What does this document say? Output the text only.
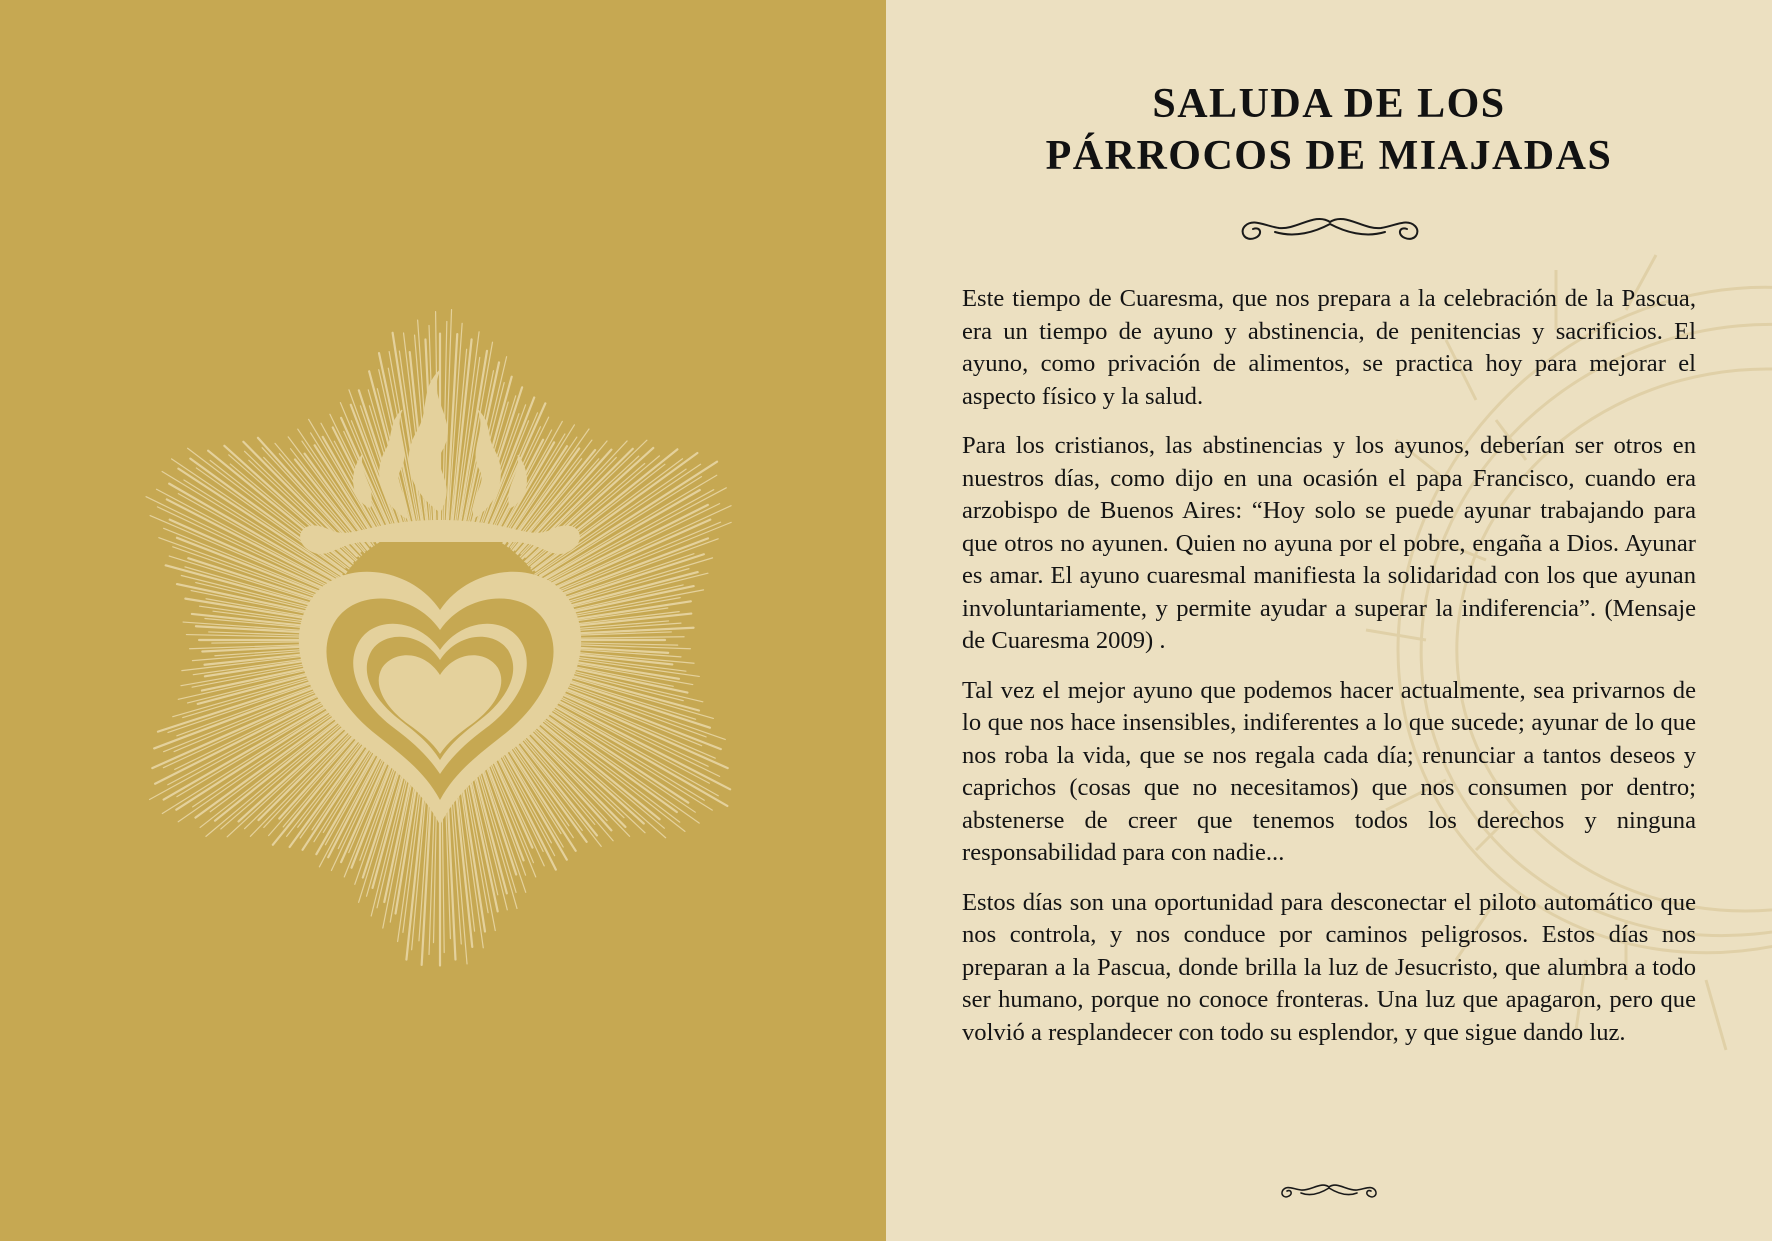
SALUDA DE LOS
PÁRROCOS DE MIAJADAS

Este tiempo de Cuaresma, que nos prepara a la celebración de la Pascua, era un tiempo de ayuno y abstinencia, de penitencias y sacrificios. El ayuno, como privación de alimentos, se practica hoy para mejorar el aspecto físico y la salud.

Para los cristianos, las abstinencias y los ayunos, deberían ser otros en nuestros días, como dijo en una ocasión el papa Francisco, cuando era arzobispo de Buenos Aires: “Hoy solo se puede ayunar trabajando para que otros no ayunen. Quien no ayuna por el pobre, engaña a Dios. Ayunar es amar. El ayuno cuaresmal manifiesta la solidaridad con los que ayunan involuntariamente, y permite ayudar a superar la indiferencia”. (Mensaje de Cuaresma 2009) .

Tal vez el mejor ayuno que podemos hacer actualmente, sea privarnos de lo que nos hace insensibles, indiferentes a lo que sucede; ayunar de lo que nos roba la vida, que se nos regala cada día; renunciar a tantos deseos y caprichos (cosas que no necesitamos) que nos consumen por dentro; abstenerse de creer que tenemos todos los derechos y ninguna responsabilidad para con nadie...

Estos días son una oportunidad para desconectar el piloto automático que nos controla, y nos conduce por caminos peligrosos. Estos días nos preparan a la Pascua, donde brilla la luz de Jesucristo, que alumbra a todo ser humano, porque no conoce fronteras. Una luz que apagaron, pero que volvió a resplandecer con todo su esplendor, y que sigue dando luz.
